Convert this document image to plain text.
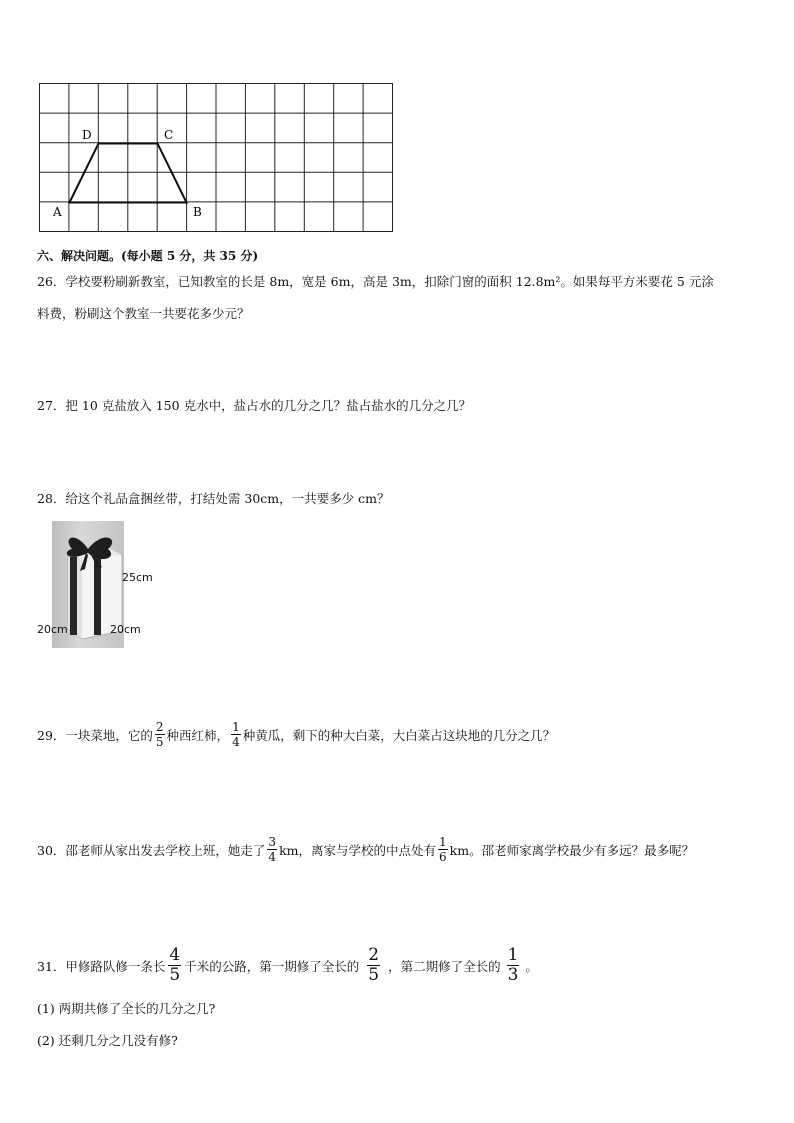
A	B
C
D
六、解决问题。(每小题 5 分，共 35 分)
26．学校要粉刷新教室，已知教室的长是 8m，宽是 6m，高是 3m，扣除门窗的面积 12.8m²。如果每平方米要花 5 元涂
料费，粉刷这个教室一共要花多少元？
27．把 10 克盐放入 150 克水中，盐占水的几分之几？盐占盐水的几分之几？
28．给这个礼品盒捆丝带，打结处需 30cm，一共要多少 cm？
25cm
20cm	20cm
29．一块菜地，它的 $\frac{2}{5}$ 种西红柿， $\frac{1}{4}$ 种黄瓜，剩下的种大白菜，大白菜占这块地的几分之几？
30．邵老师从家出发去学校上班，她走了 $\frac{3}{4}$ km，离家与学校的中点处有 $\frac{1}{6}$ km。邵老师家离学校最少有多远？最多呢？
31．甲修路队修一条长 $\frac{4}{5}$ 千米的公路，第一期修了全长的 $\frac{2}{5}$ ，第二期修了全长的 $\frac{1}{3}$ 。
(1) 两期共修了全长的几分之几?
(2) 还剩几分之几没有修?
